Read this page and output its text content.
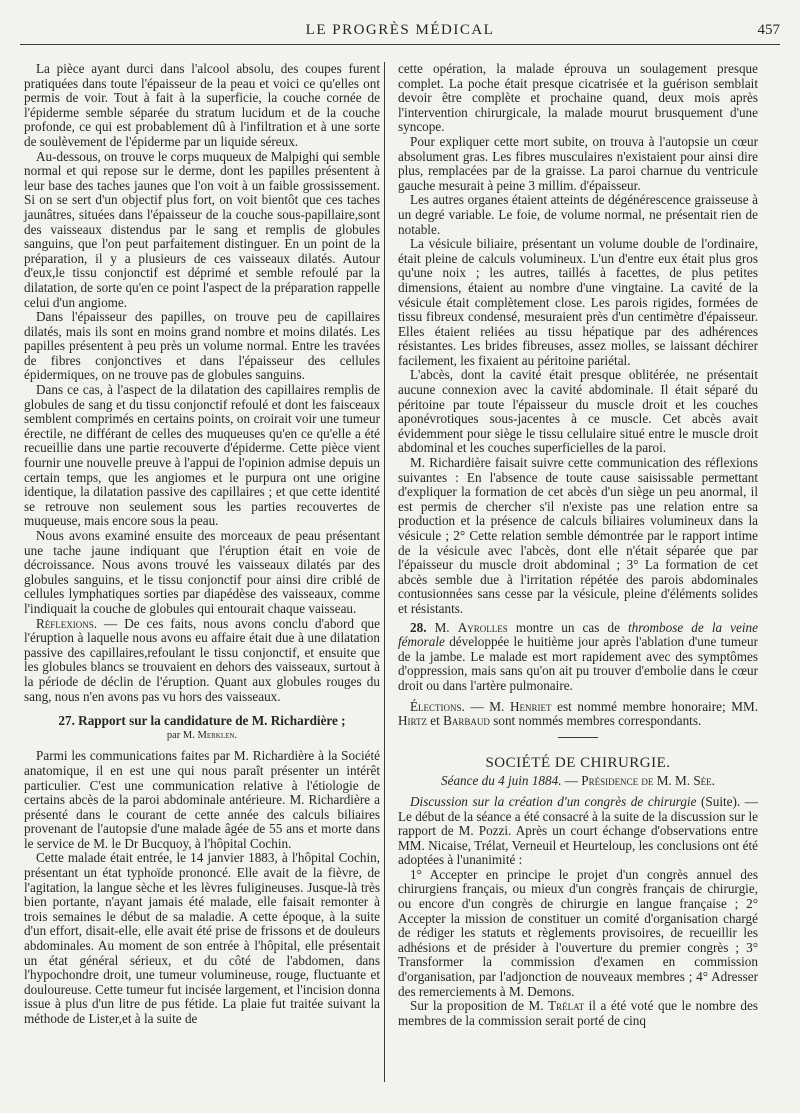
LE PROGRÈS MÉDICAL	457

La pièce ayant durci dans l'alcool absolu, des coupes furent pratiquées dans toute l'épaisseur de la peau et voici ce qu'elles ont permis de voir. Tout à fait à la superficie, la couche cornée de l'épiderme semble séparée du stratum lucidum et de la couche profonde, ce qui est probablement dû à l'infiltration et à une sorte de soulèvement de l'épiderme par un liquide séreux.

Au-dessous, on trouve le corps muqueux de Malpighi qui semble normal et qui repose sur le derme, dont les papilles présentent à leur base des taches jaunes que l'on voit à un faible grossissement. Si on se sert d'un objectif plus fort, on voit bientôt que ces taches jaunâtres, situées dans l'épaisseur de la couche sous-papillaire,sont des vaisseaux distendus par le sang et remplis de globules sanguins, que l'on peut parfaitement distinguer. En un point de la préparation, il y a plusieurs de ces vaisseaux dilatés. Autour d'eux,le tissu conjonctif est déprimé et semble refoulé par la dilatation, de sorte qu'en ce point l'aspect de la préparation rappelle celui d'un angiome.

Dans l'épaisseur des papilles, on trouve peu de capillaires dilatés, mais ils sont en moins grand nombre et moins dilatés. Les papilles présentent à peu près un volume normal. Entre les travées de fibres conjonctives et dans l'épaisseur des cellules épidermiques, on ne trouve pas de globules sanguins.

Dans ce cas, à l'aspect de la dilatation des capillaires remplis de globules de sang et du tissu conjonctif refoulé et dont les faisceaux semblent comprimés en certains points, on croirait voir une tumeur érectile, ne différant de celles des muqueuses qu'en ce qu'elle a été recueillie dans une partie recouverte d'épiderme. Cette pièce vient fournir une nouvelle preuve à l'appui de l'opinion admise depuis un certain temps, que les angiomes et le purpura ont une origine identique, la dilatation passive des capillaires ; et que cette identité se retrouve non seulement sous les parties recouvertes de muqueuse, mais encore sous la peau.

Nous avons examiné ensuite des morceaux de peau présentant une tache jaune indiquant que l'éruption était en voie de décroissance. Nous avons trouvé les vaisseaux dilatés par des globules sanguins, et le tissu conjonctif pour ainsi dire criblé de cellules lymphatiques sorties par diapédèse des vaisseaux, comme l'indiquait la couche de globules qui entourait chaque vaisseau.

Réflexions. — De ces faits, nous avons conclu d'abord que l'éruption à laquelle nous avons eu affaire était due à une dilatation passive des capillaires,refoulant le tissu conjonctif, et ensuite que les globules blancs se trouvaient en dehors des vaisseaux, surtout à la période de déclin de l'éruption. Quant aux globules rouges du sang, nous n'en avons pas vu hors des vaisseaux.

27. Rapport sur la candidature de M. Richardière ;

par M. Merklen.

Parmi les communications faites par M. Richardière à la Société anatomique, il en est une qui nous paraît présenter un intérêt particulier. C'est une communication relative à l'étiologie de certains abcès de la paroi abdominale antérieure. M. Richardière a présenté dans le courant de cette année des calculs biliaires provenant de l'autopsie d'une malade âgée de 55 ans et morte dans le service de M. le Dr Bucquoy, à l'hôpital Cochin.

Cette malade était entrée, le 14 janvier 1883, à l'hôpital Cochin, présentant un état typhoïde prononcé. Elle avait de la fièvre, de l'agitation, la langue sèche et les lèvres fuligineuses. Jusque-là très bien portante, n'ayant jamais été malade, elle faisait remonter à trois semaines le début de sa maladie. A cette époque, à la suite d'un effort, disait-elle, elle avait été prise de frissons et de douleurs abdominales. Au moment de son entrée à l'hôpital, elle présentait un état général sérieux, et du côté de l'abdomen, dans l'hypochondre droit, une tumeur volumineuse, rouge, fluctuante et douloureuse. Cette tumeur fut incisée largement, et l'incision donna issue à plus d'un litre de pus fétide. La plaie fut traitée suivant la méthode de Lister,et à la suite de

cette opération, la malade éprouva un soulagement presque complet. La poche était presque cicatrisée et la guérison semblait devoir être complète et prochaine quand, deux mois après l'intervention chirurgicale, la malade mourut brusquement d'une syncope.

Pour expliquer cette mort subite, on trouva à l'autopsie un cœur absolument gras. Les fibres musculaires n'existaient pour ainsi dire plus, remplacées par de la graisse. La paroi charnue du ventricule gauche mesurait à peine 3 millim. d'épaisseur.

Les autres organes étaient atteints de dégénérescence graisseuse à un degré variable. Le foie, de volume normal, ne présentait rien de notable.

La vésicule biliaire, présentant un volume double de l'ordinaire, était pleine de calculs volumineux. L'un d'entre eux était plus gros qu'une noix ; les autres, taillés à facettes, de plus petites dimensions, étaient au nombre d'une vingtaine. La cavité de la vésicule était complètement close. Les parois rigides, formées de tissu fibreux condensé, mesuraient près d'un centimètre d'épaisseur. Elles étaient reliées au tissu hépatique par des adhérences résistantes. Les brides fibreuses, assez molles, se laissant déchirer facilement, les fixaient au péritoine pariétal.

L'abcès, dont la cavité était presque oblitérée, ne présentait aucune connexion avec la cavité abdominale. Il était séparé du péritoine par toute l'épaisseur du muscle droit et les couches aponévrotiques sous-jacentes à ce muscle. Cet abcès avait évidemment pour siège le tissu cellulaire situé entre le muscle droit abdominal et les couches superficielles de la paroi.

M. Richardière faisait suivre cette communication des réflexions suivantes : En l'absence de toute cause saisissable permettant d'expliquer la formation de cet abcès d'un siège un peu anormal, il est permis de chercher s'il n'existe pas une relation entre sa production et la présence de calculs biliaires volumineux dans la vésicule ; 2° Cette relation semble démontrée par le rapport intime de la vésicule avec l'abcès, dont elle n'était séparée que par l'épaisseur du muscle droit abdominal ; 3° La formation de cet abcès semble due à l'irritation répétée des parois abdominales contusionnées sans cesse par la vésicule, pleine d'éléments solides et résistants.

28. M. Ayrolles montre un cas de thrombose de la veine fémorale développée le huitième jour après l'ablation d'une tumeur de la jambe. Le malade est mort rapidement avec des symptômes d'oppression, mais sans qu'on ait pu trouver d'embolie dans le cœur droit ou dans l'artère pulmonaire.

Élections. — M. Henriet est nommé membre honoraire; MM. Hirtz et Barbaud sont nommés membres correspondants.

SOCIÉTÉ DE CHIRURGIE.

Séance du 4 juin 1884. — Présidence de M. M. Sée.

Discussion sur la création d'un congrès de chirurgie (Suite). — Le début de la séance a été consacré à la suite de la discussion sur le rapport de M. Pozzi. Après un court échange d'observations entre MM. Nicaise, Trélat, Verneuil et Heurteloup, les conclusions ont été adoptées à l'unanimité :

1° Accepter en principe le projet d'un congrès annuel des chirurgiens français, ou mieux d'un congrès français de chirurgie, ou encore d'un congrès de chirurgie en langue française ; 2° Accepter la mission de constituer un comité d'organisation chargé de rédiger les statuts et règlements provisoires, de recueillir les adhésions et de présider à l'ouverture du premier congrès ; 3° Transformer la commission d'examen en commission d'organisation, par l'adjonction de nouveaux membres ; 4° Adresser des remerciements à M. Demons.

Sur la proposition de M. Trélat il a été voté que le nombre des membres de la commission serait porté de cinq
